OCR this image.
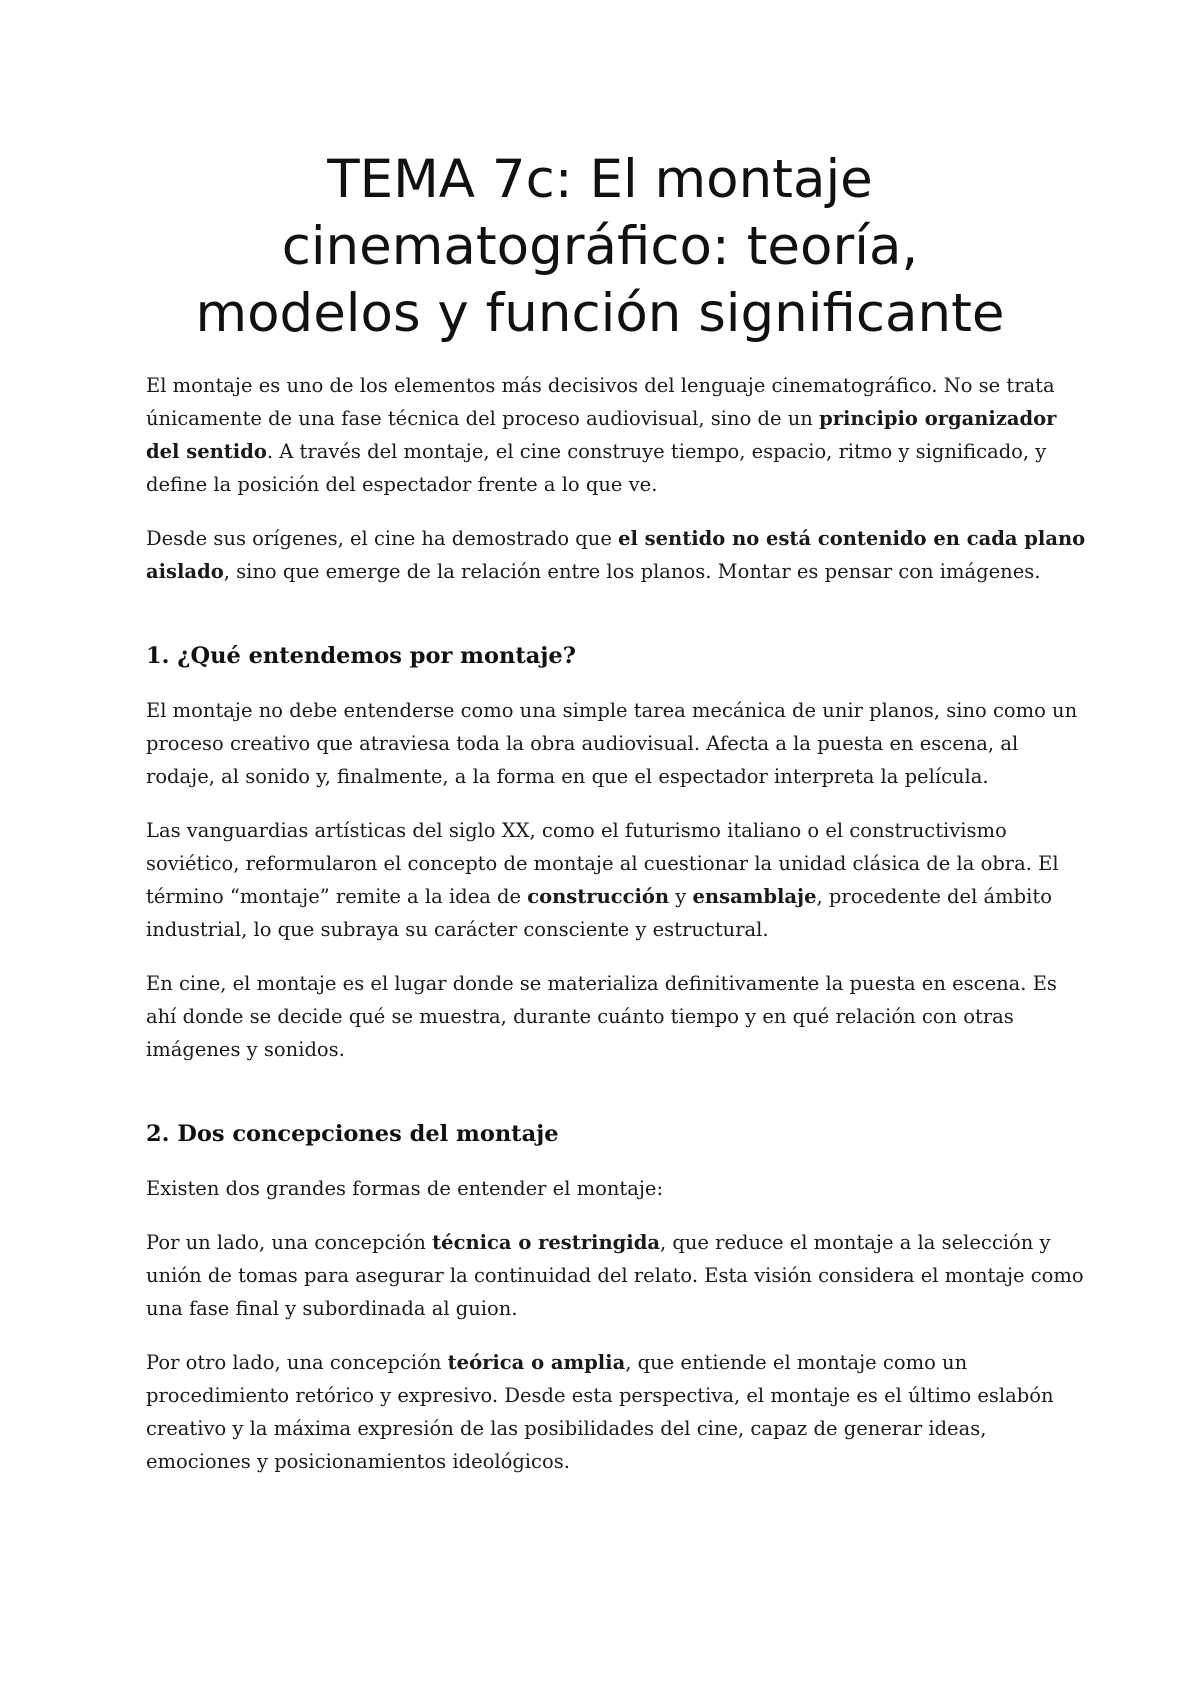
TEMA 7c: El montaje
cinematográfico: teoría,
modelos y función significante

El montaje es uno de los elementos más decisivos del lenguaje cinematográfico. No se trata
únicamente de una fase técnica del proceso audiovisual, sino de un principio organizador
del sentido. A través del montaje, el cine construye tiempo, espacio, ritmo y significado, y
define la posición del espectador frente a lo que ve.

Desde sus orígenes, el cine ha demostrado que el sentido no está contenido en cada plano
aislado, sino que emerge de la relación entre los planos. Montar es pensar con imágenes.

1. ¿Qué entendemos por montaje?

El montaje no debe entenderse como una simple tarea mecánica de unir planos, sino como un
proceso creativo que atraviesa toda la obra audiovisual. Afecta a la puesta en escena, al
rodaje, al sonido y, finalmente, a la forma en que el espectador interpreta la película.

Las vanguardias artísticas del siglo XX, como el futurismo italiano o el constructivismo
soviético, reformularon el concepto de montaje al cuestionar la unidad clásica de la obra. El
término “montaje” remite a la idea de construcción y ensamblaje, procedente del ámbito
industrial, lo que subraya su carácter consciente y estructural.

En cine, el montaje es el lugar donde se materializa definitivamente la puesta en escena. Es
ahí donde se decide qué se muestra, durante cuánto tiempo y en qué relación con otras
imágenes y sonidos.

2. Dos concepciones del montaje

Existen dos grandes formas de entender el montaje:

Por un lado, una concepción técnica o restringida, que reduce el montaje a la selección y
unión de tomas para asegurar la continuidad del relato. Esta visión considera el montaje como
una fase final y subordinada al guion.

Por otro lado, una concepción teórica o amplia, que entiende el montaje como un
procedimiento retórico y expresivo. Desde esta perspectiva, el montaje es el último eslabón
creativo y la máxima expresión de las posibilidades del cine, capaz de generar ideas,
emociones y posicionamientos ideológicos.
